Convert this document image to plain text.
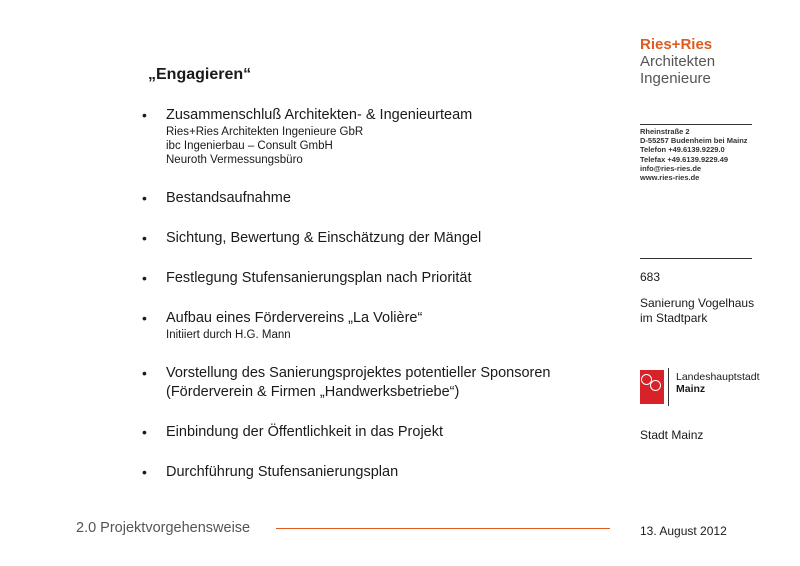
„Engagieren“
• Zusammenschluß Architekten- & Ingenieurteam
Ries+Ries Architekten Ingenieure GbR
ibc Ingenierbau – Consult GmbH
Neuroth Vermessungsbüro
• Bestandsaufnahme
• Sichtung, Bewertung & Einschätzung der Mängel
• Festlegung Stufensanierungsplan nach Priorität
• Aufbau eines Fördervereins „La Volière“
Initiiert durch H.G. Mann
• Vorstellung des Sanierungsprojektes potentieller Sponsoren (Förderverein & Firmen „Handwerksbetriebe“)
• Einbindung der Öffentlichkeit in das Projekt
• Durchführung Stufensanierungsplan
Ries+Ries
Architekten
Ingenieure
Rheinstraße 2
D-55257 Budenheim bei Mainz
Telefon +49.6139.9229.0
Telefax +49.6139.9229.49
info@ries-ries.de
www.ries-ries.de
683
Sanierung Vogelhaus
im Stadtpark
Landeshauptstadt
Mainz
Stadt Mainz
2.0 Projektvorgehensweise	13. August 2012
